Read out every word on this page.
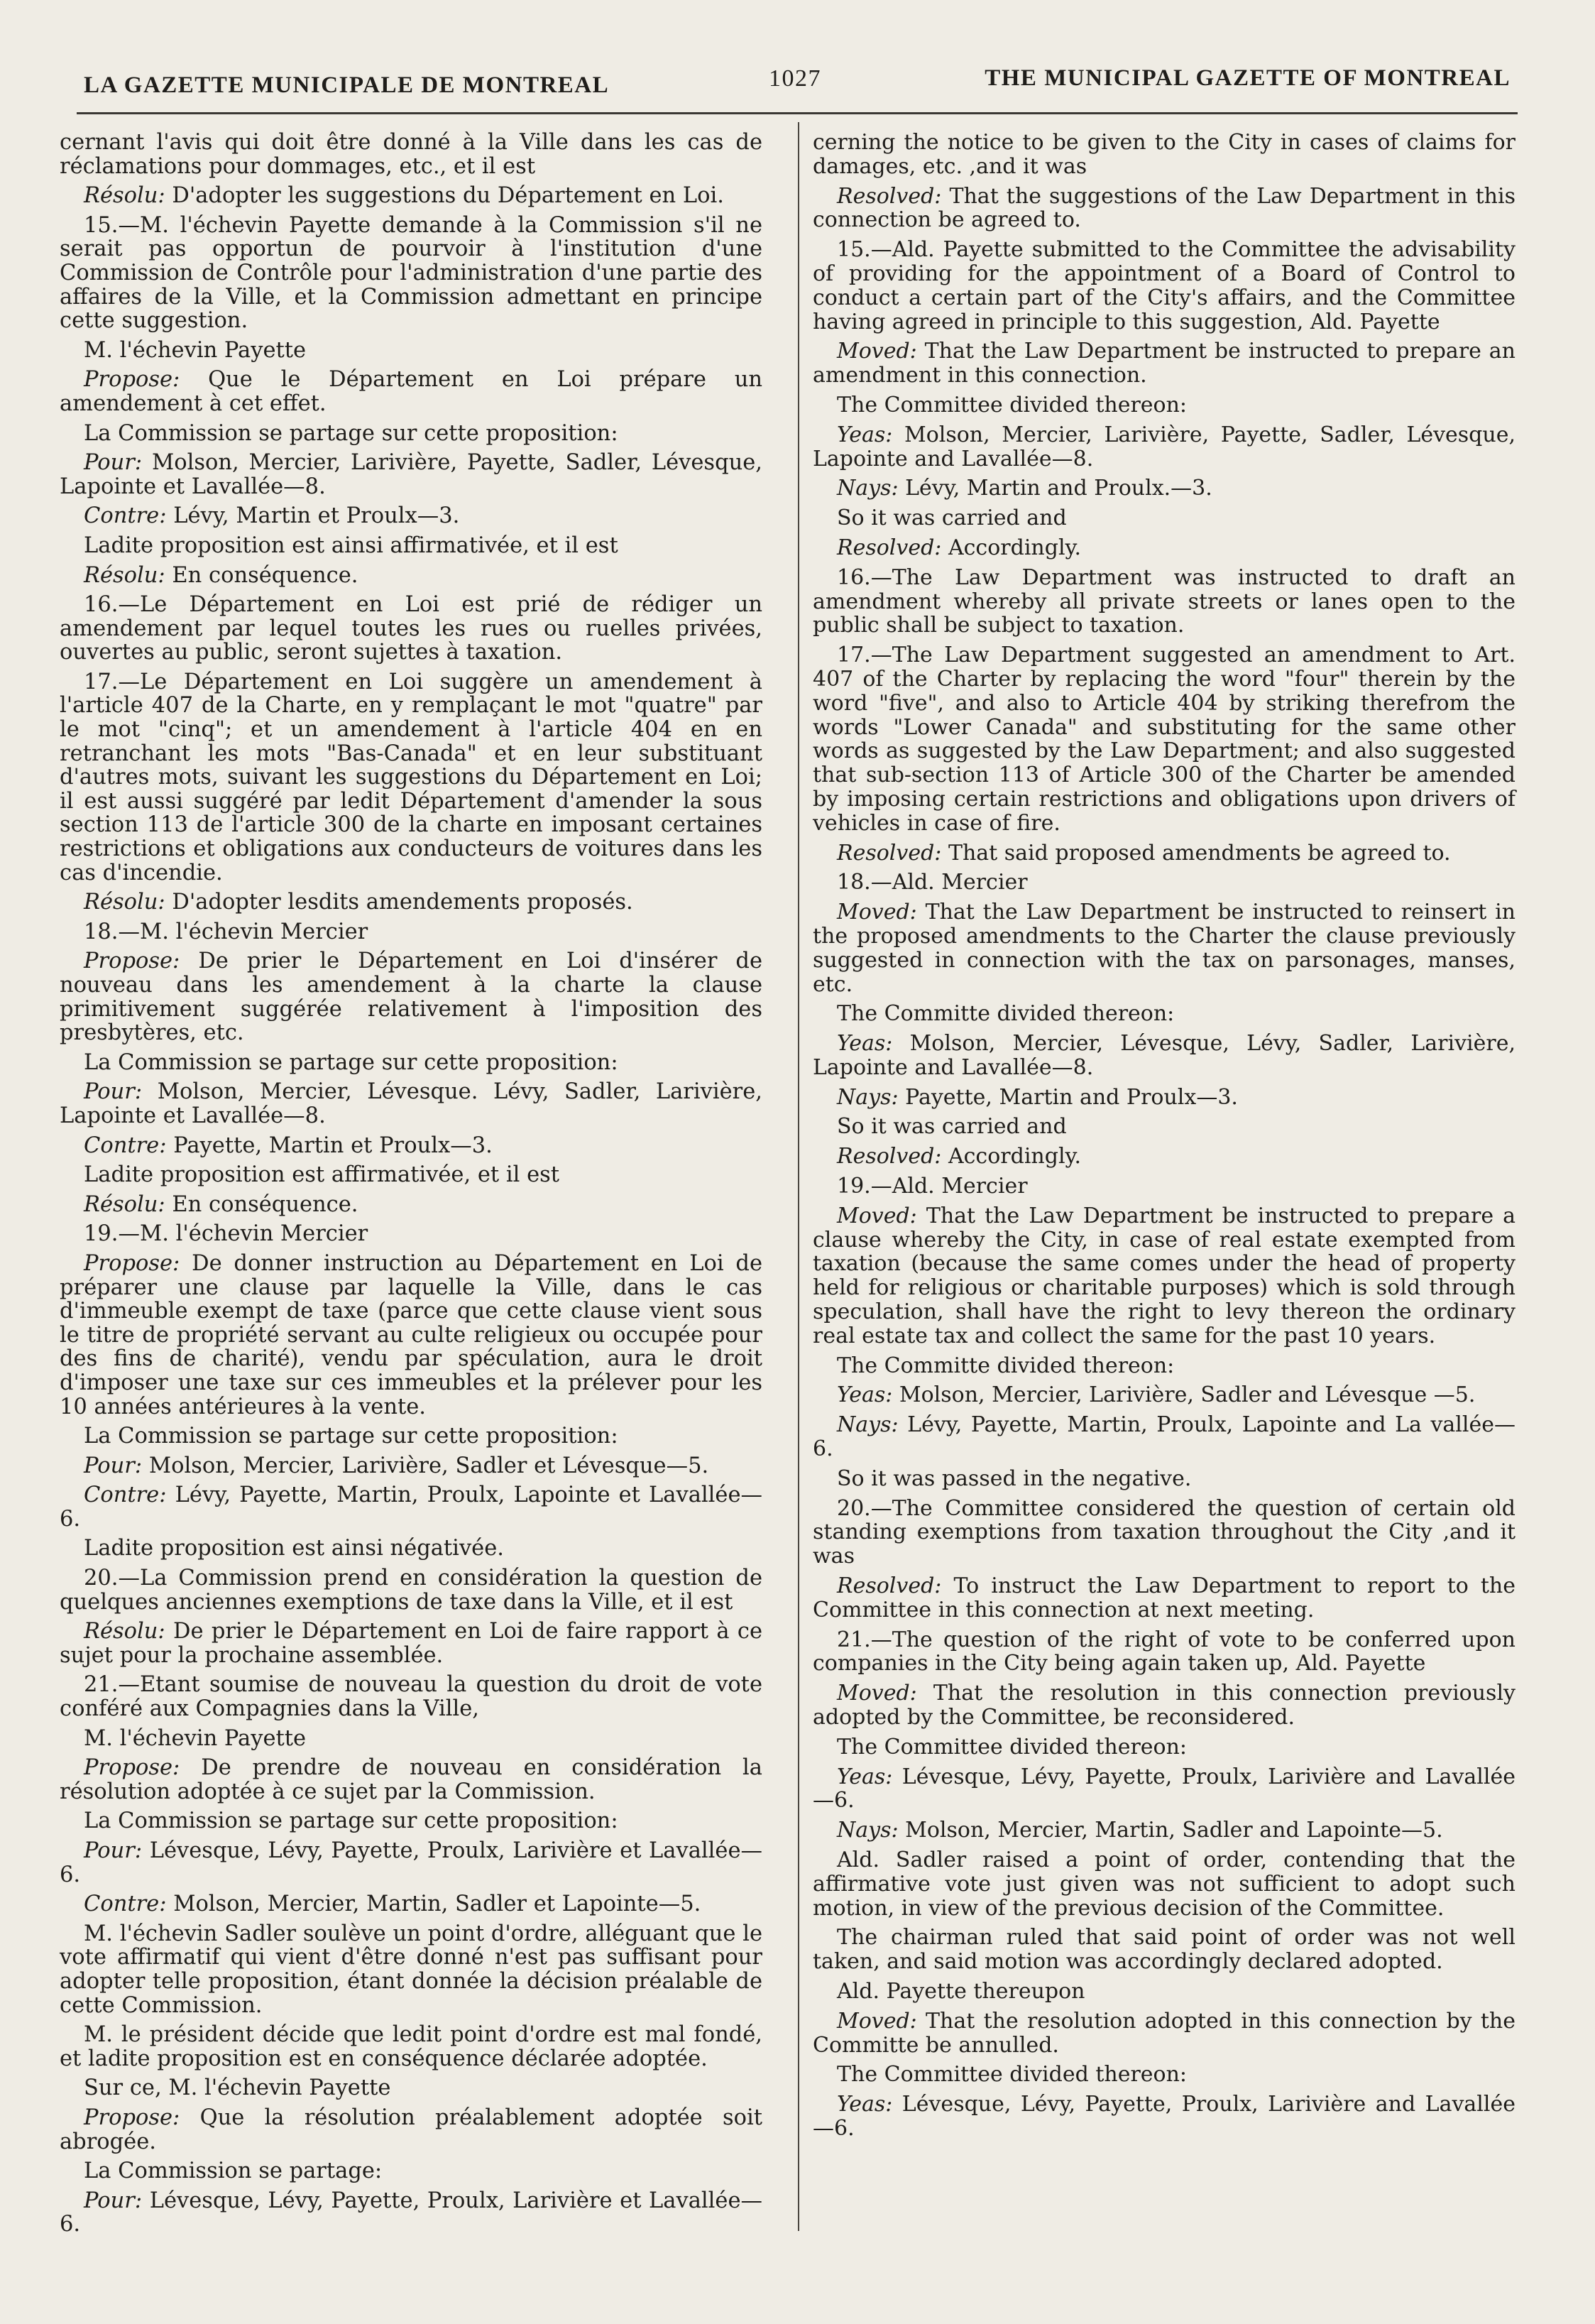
LA GAZETTE MUNICIPALE DE MONTREAL	1027	THE MUNICIPAL GAZETTE OF MONTREAL

cernant l'avis qui doit être donné à la Ville dans les cas de réclamations pour dommages, etc., et il est

Résolu: D'adopter les suggestions du Département en Loi.

15.—M. l'échevin Payette demande à la Commission s'il ne serait pas opportun de pourvoir à l'institution d'une Commission de Contrôle pour l'administration d'une partie des affaires de la Ville, et la Commission admettant en principe cette suggestion.

M. l'échevin Payette

Propose: Que le Département en Loi prépare un amendement à cet effet.

La Commission se partage sur cette proposition:

Pour: Molson, Mercier, Larivière, Payette, Sadler, Lévesque, Lapointe et Lavallée—8.

Contre: Lévy, Martin et Proulx—3.

Ladite proposition est ainsi affirmativée, et il est

Résolu: En conséquence.

16.—Le Département en Loi est prié de rédiger un amendement par lequel toutes les rues ou ruelles privées, ouvertes au public, seront sujettes à taxation.

17.—Le Département en Loi suggère un amendement à l'article 407 de la Charte, en y remplaçant le mot "quatre" par le mot "cinq"; et un amendement à l'article 404 en en retranchant les mots "Bas-Canada" et en leur substituant d'autres mots, suivant les suggestions du Département en Loi; il est aussi suggéré par ledit Département d'amender la sous section 113 de l'article 300 de la charte en imposant certaines restrictions et obligations aux conducteurs de voitures dans les cas d'incendie.

Résolu: D'adopter lesdits amendements proposés.

18.—M. l'échevin Mercier

Propose: De prier le Département en Loi d'insérer de nouveau dans les amendement à la charte la clause primitivement suggérée relativement à l'imposition des presbytères, etc.

La Commission se partage sur cette proposition:

Pour: Molson, Mercier, Lévesque. Lévy, Sadler, Larivière, Lapointe et Lavallée—8.

Contre: Payette, Martin et Proulx—3.

Ladite proposition est affirmativée, et il est

Résolu: En conséquence.

19.—M. l'échevin Mercier

Propose: De donner instruction au Département en Loi de préparer une clause par laquelle la Ville, dans le cas d'immeuble exempt de taxe (parce que cette clause vient sous le titre de propriété servant au culte religieux ou occupée pour des fins de charité), vendu par spéculation, aura le droit d'imposer une taxe sur ces immeubles et la prélever pour les 10 années antérieures à la vente.

La Commission se partage sur cette proposition:

Pour: Molson, Mercier, Larivière, Sadler et Lévesque—5.

Contre: Lévy, Payette, Martin, Proulx, Lapointe et Lavallée—6.

Ladite proposition est ainsi négativée.

20.—La Commission prend en considération la question de quelques anciennes exemptions de taxe dans la Ville, et il est

Résolu: De prier le Département en Loi de faire rapport à ce sujet pour la prochaine assemblée.

21.—Etant soumise de nouveau la question du droit de vote conféré aux Compagnies dans la Ville,

M. l'échevin Payette

Propose: De prendre de nouveau en considération la résolution adoptée à ce sujet par la Commission.

La Commission se partage sur cette proposition:

Pour: Lévesque, Lévy, Payette, Proulx, Larivière et Lavallée—6.

Contre: Molson, Mercier, Martin, Sadler et Lapointe—5.

M. l'échevin Sadler soulève un point d'ordre, alléguant que le vote affirmatif qui vient d'être donné n'est pas suffisant pour adopter telle proposition, étant donnée la décision préalable de cette Commission.

M. le président décide que ledit point d'ordre est mal fondé, et ladite proposition est en conséquence déclarée adoptée.

Sur ce, M. l'échevin Payette

Propose: Que la résolution préalablement adoptée soit abrogée.

La Commission se partage:

Pour: Lévesque, Lévy, Payette, Proulx, Larivière et Lavallée—6.

cerning the notice to be given to the City in cases of claims for damages, etc. ,and it was

Resolved: That the suggestions of the Law Department in this connection be agreed to.

15.—Ald. Payette submitted to the Committee the advisability of providing for the appointment of a Board of Control to conduct a certain part of the City's affairs, and the Committee having agreed in principle to this suggestion, Ald. Payette

Moved: That the Law Department be instructed to prepare an amendment in this connection.

The Committee divided thereon:

Yeas: Molson, Mercier, Larivière, Payette, Sadler, Lévesque, Lapointe and Lavallée—8.

Nays: Lévy, Martin and Proulx.—3.

So it was carried and

Resolved: Accordingly.

16.—The Law Department was instructed to draft an amendment whereby all private streets or lanes open to the public shall be subject to taxation.

17.—The Law Department suggested an amendment to Art. 407 of the Charter by replacing the word "four" therein by the word "five", and also to Article 404 by striking therefrom the words "Lower Canada" and substituting for the same other words as suggested by the Law Department; and also suggested that sub-section 113 of Article 300 of the Charter be amended by imposing certain restrictions and obligations upon drivers of vehicles in case of fire.

Resolved: That said proposed amendments be agreed to.

18.—Ald. Mercier

Moved: That the Law Department be instructed to reinsert in the proposed amendments to the Charter the clause previously suggested in connection with the tax on parsonages, manses, etc.

The Committe divided thereon:

Yeas: Molson, Mercier, Lévesque, Lévy, Sadler, Larivière, Lapointe and Lavallée—8.

Nays: Payette, Martin and Proulx—3.

So it was carried and

Resolved: Accordingly.

19.—Ald. Mercier

Moved: That the Law Department be instructed to prepare a clause whereby the City, in case of real estate exempted from taxation (because the same comes under the head of property held for religious or charitable purposes) which is sold through speculation, shall have the right to levy thereon the ordinary real estate tax and collect the same for the past 10 years.

The Committe divided thereon:

Yeas: Molson, Mercier, Larivière, Sadler and Lévesque —5.

Nays: Lévy, Payette, Martin, Proulx, Lapointe and La vallée—6.

So it was passed in the negative.

20.—The Committee considered the question of certain old standing exemptions from taxation throughout the City ,and it was

Resolved: To instruct the Law Department to report to the Committee in this connection at next meeting.

21.—The question of the right of vote to be conferred upon companies in the City being again taken up, Ald. Payette

Moved: That the resolution in this connection previously adopted by the Committee, be reconsidered.

The Committee divided thereon:

Yeas: Lévesque, Lévy, Payette, Proulx, Larivière and Lavallée—6.

Nays: Molson, Mercier, Martin, Sadler and Lapointe—5.

Ald. Sadler raised a point of order, contending that the affirmative vote just given was not sufficient to adopt such motion, in view of the previous decision of the Committee.

The chairman ruled that said point of order was not well taken, and said motion was accordingly declared adopted.

Ald. Payette thereupon

Moved: That the resolution adopted in this connection by the Committe be annulled.

The Committee divided thereon:

Yeas: Lévesque, Lévy, Payette, Proulx, Larivière and Lavallée—6.
